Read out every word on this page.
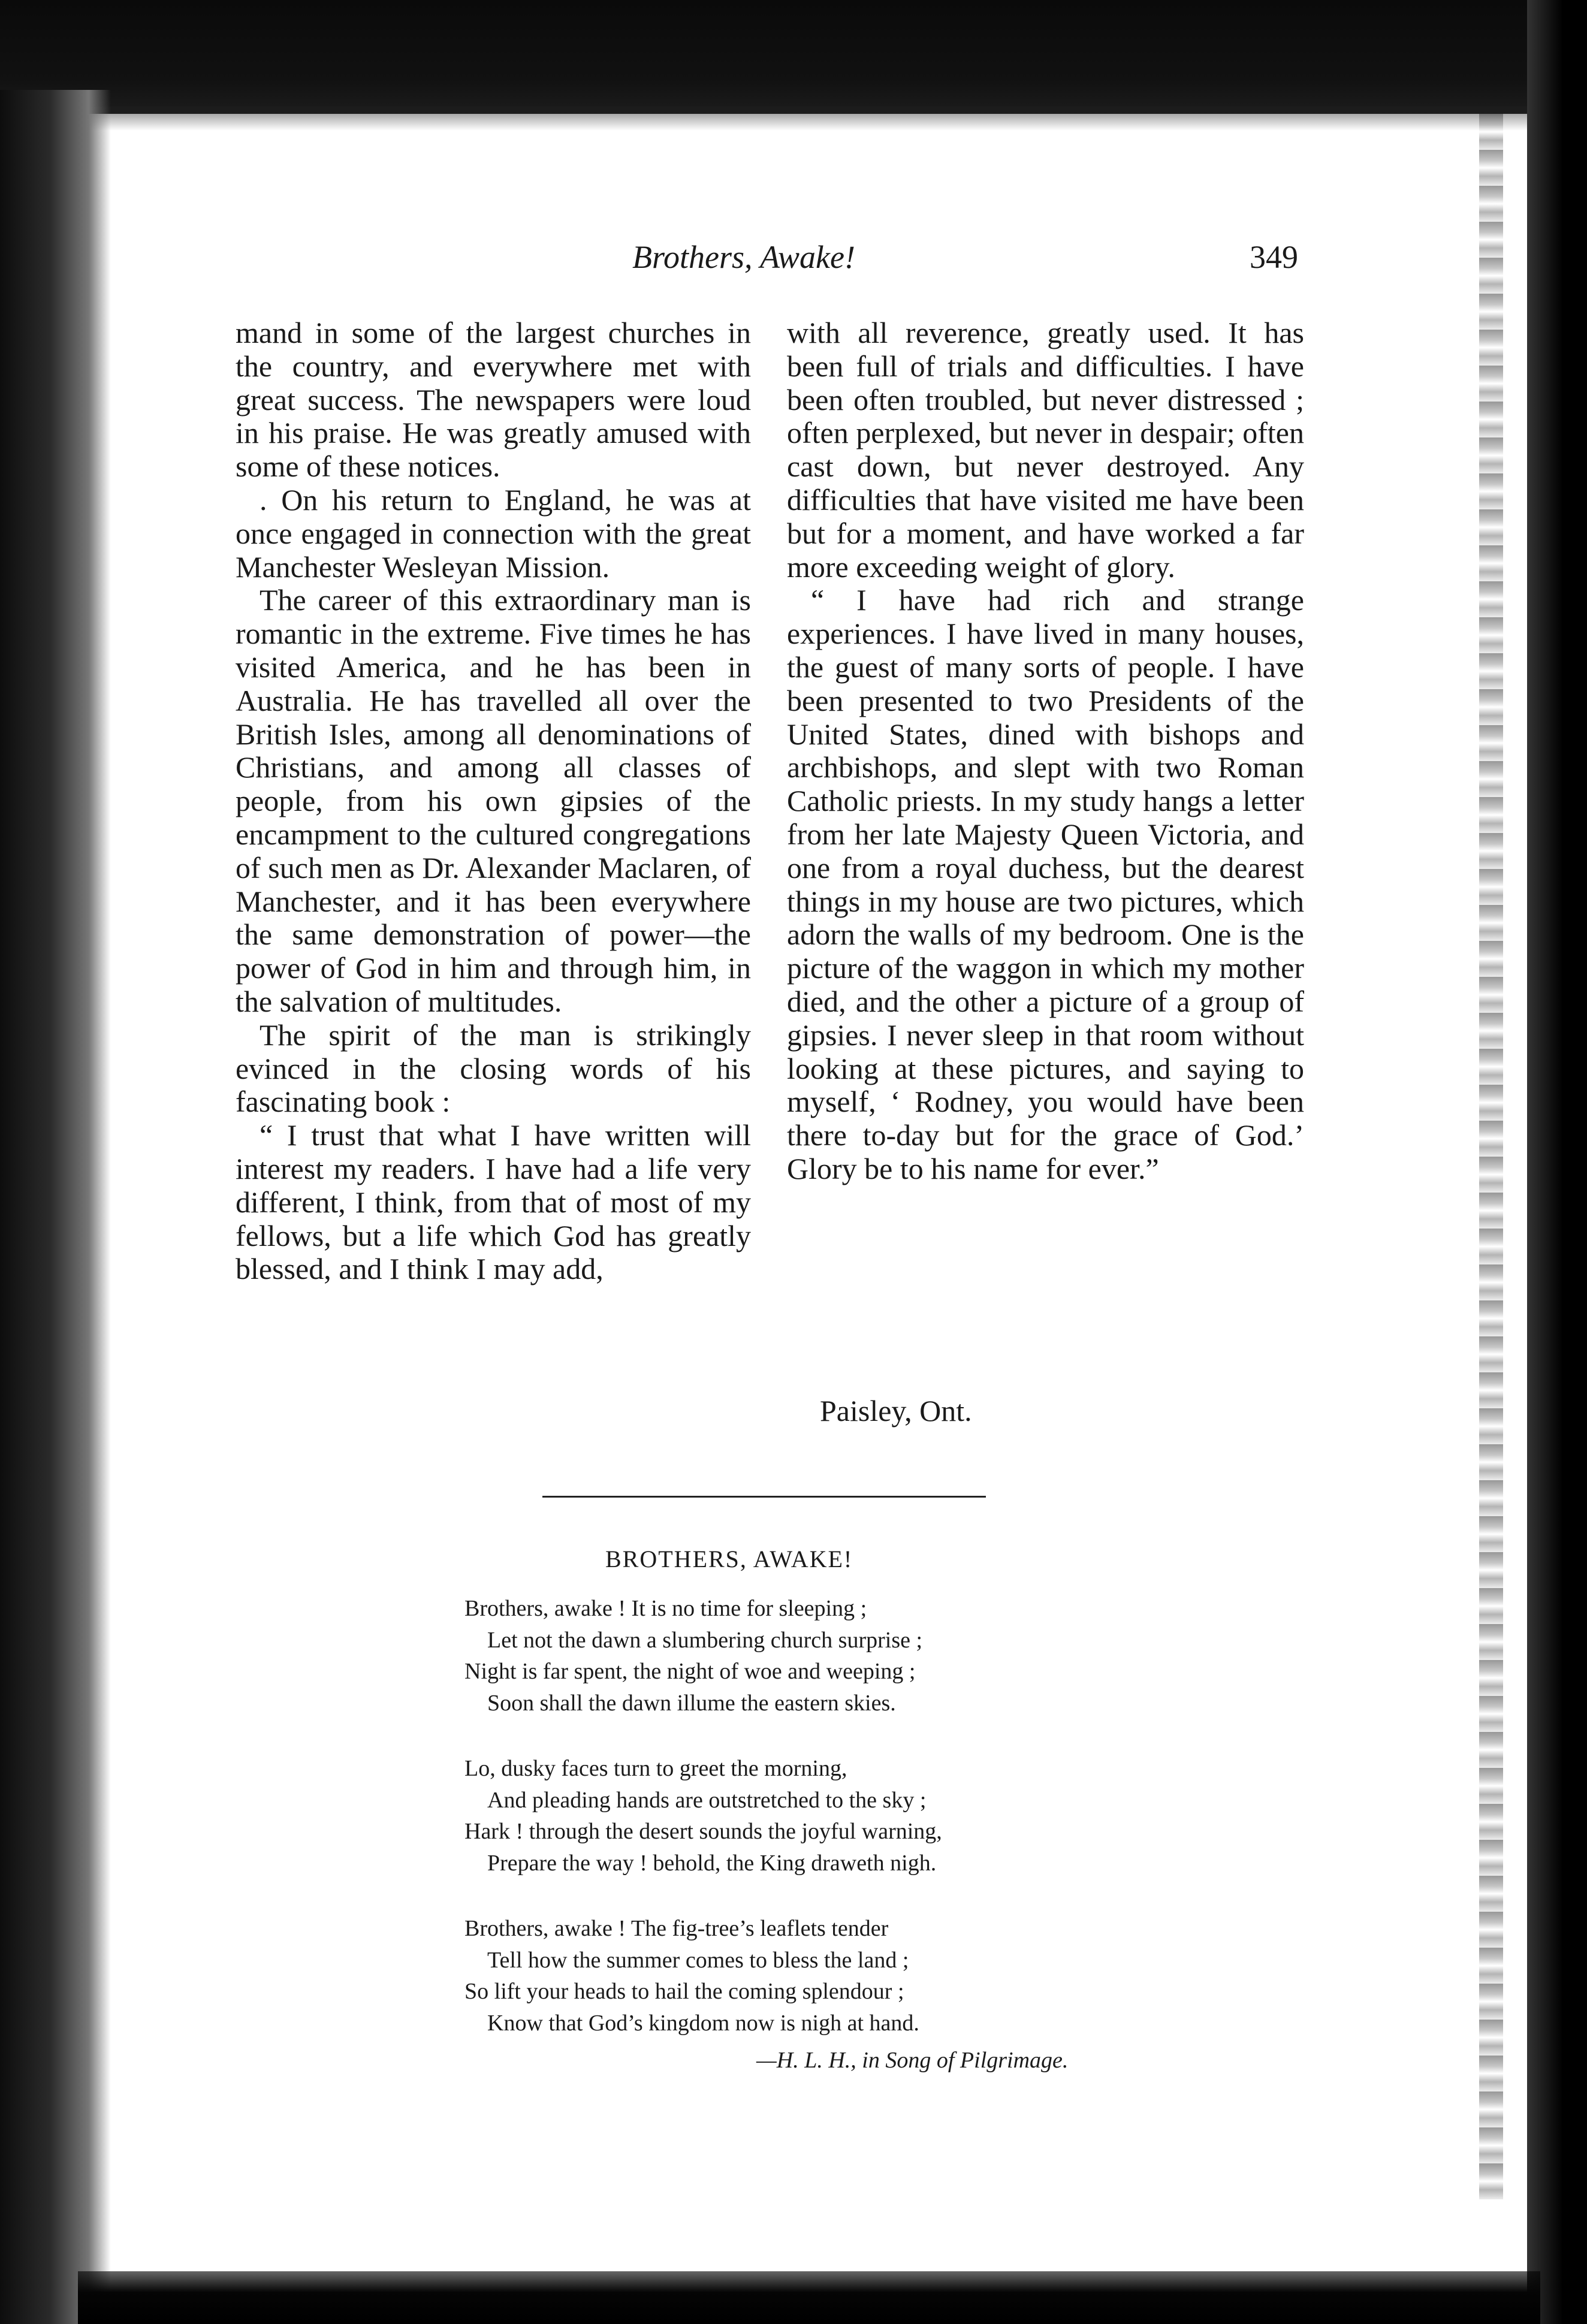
Brothers, Awake!	349

mand in some of the largest churches in the country, and everywhere met with great success. The newspapers were loud in his praise. He was greatly amused with some of these notices.

. On his return to England, he was at once engaged in connection with the great Manchester Wesleyan Mission.

The career of this extraordinary man is romantic in the extreme. Five times he has visited America, and he has been in Australia. He has travelled all over the British Isles, among all denominations of Christians, and among all classes of people, from his own gipsies of the encampment to the cultured congregations of such men as Dr. Alexander Maclaren, of Manchester, and it has been everywhere the same demonstration of power—the power of God in him and through him, in the salvation of multitudes.

The spirit of the man is strikingly evinced in the closing words of his fascinating book :

“ I trust that what I have written will interest my readers. I have had a life very different, I think, from that of most of my fellows, but a life which God has greatly blessed, and I think I may add,

with all reverence, greatly used. It has been full of trials and difficulties. I have been often troubled, but never distressed ; often perplexed, but never in despair; often cast down, but never destroyed. Any difficulties that have visited me have been but for a moment, and have worked a far more exceeding weight of glory.

“ I have had rich and strange experiences. I have lived in many houses, the guest of many sorts of people. I have been presented to two Presidents of the United States, dined with bishops and archbishops, and slept with two Roman Catholic priests. In my study hangs a letter from her late Majesty Queen Victoria, and one from a royal duchess, but the dearest things in my house are two pictures, which adorn the walls of my bedroom. One is the picture of the waggon in which my mother died, and the other a picture of a group of gipsies. I never sleep in that room without looking at these pictures, and saying to myself, ‘ Rodney, you would have been there to-day but for the grace of God.’ Glory be to his name for ever.”

Paisley, Ont.
BROTHERS, AWAKE!
Brothers, awake ! It is no time for sleeping ;
Let not the dawn a slumbering church surprise ;
Night is far spent, the night of woe and weeping ;
Soon shall the dawn illume the eastern skies.
Lo, dusky faces turn to greet the morning,
And pleading hands are outstretched to the sky ;
Hark ! through the desert sounds the joyful warning,
Prepare the way ! behold, the King draweth nigh.
Brothers, awake ! The fig-tree’s leaflets tender
Tell how the summer comes to bless the land ;
So lift your heads to hail the coming splendour ;
Know that God’s kingdom now is nigh at hand.
—H. L. H., in Song of Pilgrimage.
